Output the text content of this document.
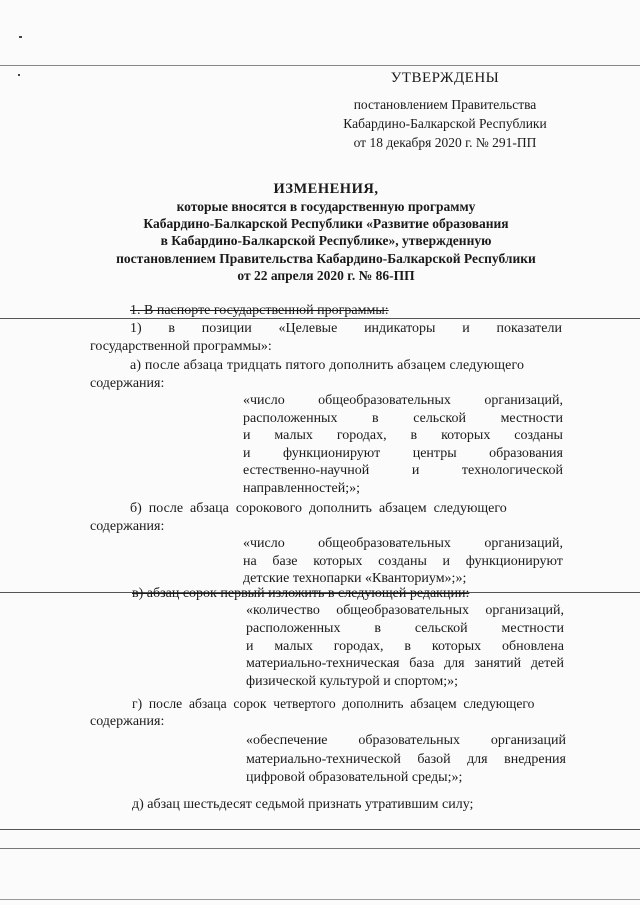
УТВЕРЖДЕНЫ
постановлением Правительства
Кабардино-Балкарской Республики
от 18 декабря 2020 г. № 291-ПП
ИЗМЕНЕНИЯ,
которые вносятся в государственную программу
Кабардино-Балкарской Республики «Развитие образования
в Кабардино-Балкарской Республике», утвержденную
постановлением Правительства Кабардино-Балкарской Республики
от 22 апреля 2020 г. № 86-ПП
1. В паспорте государственной программы:
1) в позиции «Целевые индикаторы и показатели
государственной программы»:
а) после абзаца тридцать пятого дополнить абзацем следующего
содержания:
«число общеобразовательных организаций,
расположенных в сельской местности
и малых городах, в которых созданы
и функционируют центры образования
естественно-научной	и	технологической
направленностей;»;
б)  после  абзаца  сорокового  дополнить  абзацем  следующего
содержания:
«число общеобразовательных организаций,
на базе которых созданы и функционируют
детские технопарки «Кванториум»;»;
в) абзац сорок первый изложить в следующей редакции:
«количество общеобразовательных организаций,
расположенных в сельской местности
и малых городах, в которых обновлена
материально-техническая база для занятий детей
физической культурой и спортом;»;
г)  после  абзаца  сорок  четвертого  дополнить  абзацем  следующего
содержания:
«обеспечение образовательных организаций
материально-технической базой для внедрения
цифровой образовательной среды;»;
д) абзац шестьдесят седьмой признать утратившим силу;
